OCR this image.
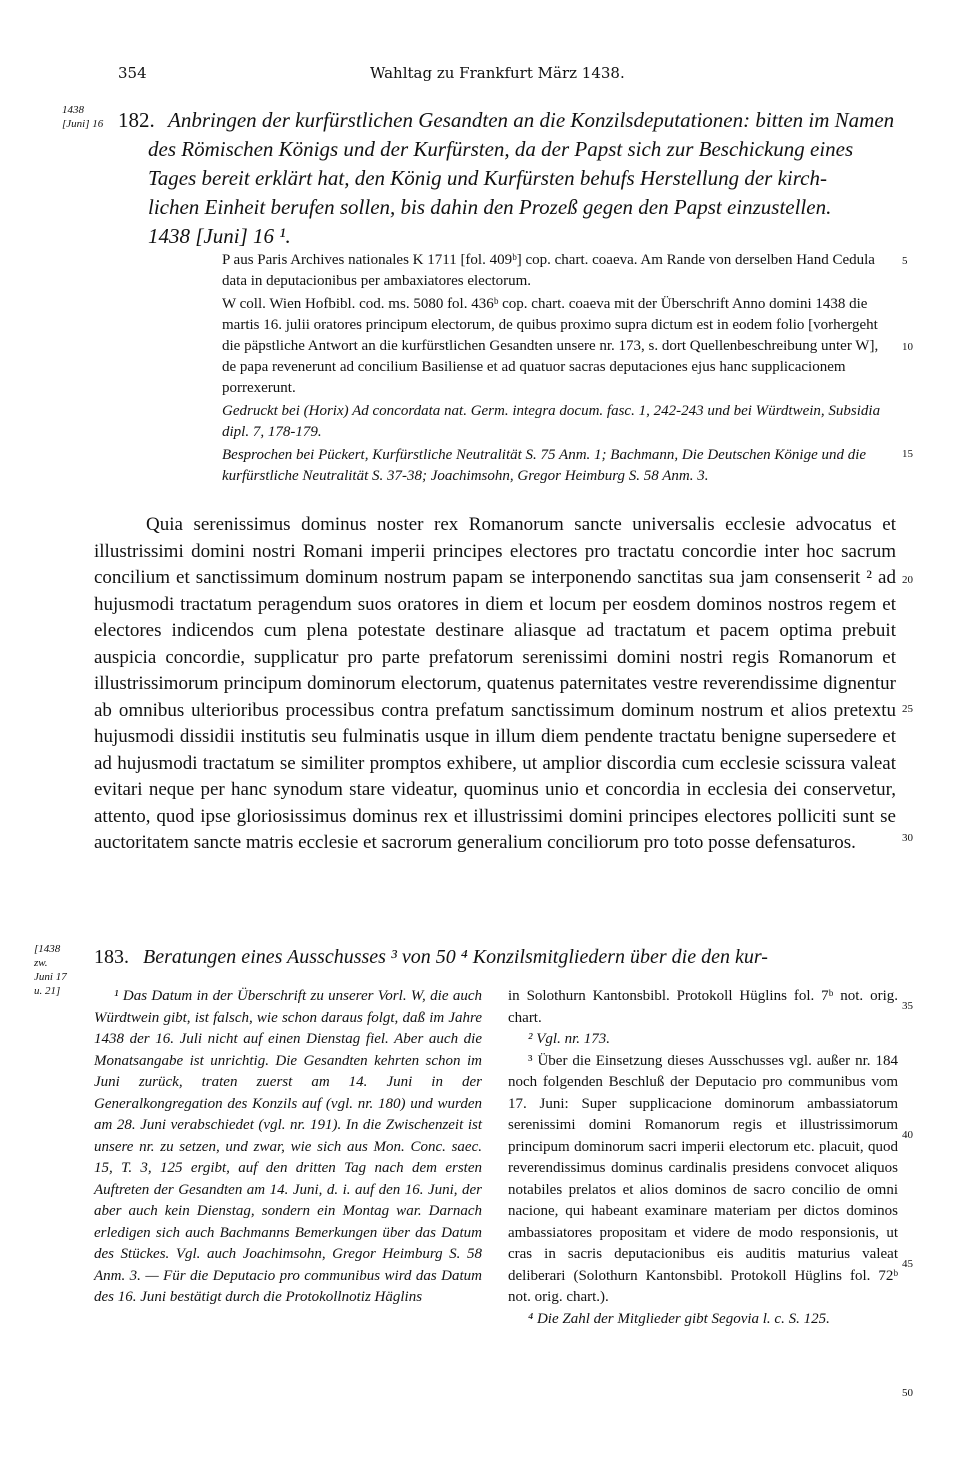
354	Wahltag zu Frankfurt März 1438.
1438
[Juni] 16 182. Anbringen der kurfürstlichen Gesandten an die Konzilsdeputationen: bitten im Namen
des Römischen Königs und der Kurfürsten, da der Papst sich zur Beschickung eines
Tages bereit erklärt hat, den König und Kurfürsten behufs Herstellung der kirch-
lichen Einheit berufen sollen, bis dahin den Prozeß gegen den Papst einzustellen.
1438 [Juni] 16 ¹.

P aus Paris Archives nationales K 1711 [fol. 409ᵇ] cop. chart. coaeva. Am Rande von derselben Hand Cedula data in deputacionibus per ambaxiatores electorum.

W coll. Wien Hofbibl. cod. ms. 5080 fol. 436ᵇ cop. chart. coaeva mit der Überschrift Anno domini 1438 die martis 16. julii oratores principum electorum, de quibus proximo supra dictum est in eodem folio [vorhergeht die päpstliche Antwort an die kurfürstlichen Gesandten unsere nr. 173, s. dort Quellenbeschreibung unter W], de papa revenerunt ad concilium Basiliense et ad quatuor sacras deputaciones ejus hanc supplicacionem porrexerunt.

Gedruckt bei (Horix) Ad concordata nat. Germ. integra docum. fasc. 1, 242-243 und bei Würdtwein, Subsidia dipl. 7, 178-179.

Besprochen bei Pückert, Kurfürstliche Neutralität S. 75 Anm. 1; Bachmann, Die Deutschen Könige und die kurfürstliche Neutralität S. 37-38; Joachimsohn, Gregor Heimburg S. 58 Anm. 3.

Quia serenissimus dominus noster rex Romanorum sancte universalis ecclesie advocatus et illustrissimi domini nostri Romani imperii principes electores pro tractatu concordie inter hoc sacrum concilium et sanctissimum dominum nostrum papam se interponendo sanctitas sua jam consenserit ² ad hujusmodi tractatum peragendum suos oratores in diem et locum per eosdem dominos nostros regem et electores indicendos cum plena potestate destinare aliasque ad tractatum et pacem optima prebuit auspicia concordie, supplicatur pro parte prefatorum serenissimi domini nostri regis Romanorum et illustrissimorum principum dominorum electorum, quatenus paternitates vestre reverendissime dignentur ab omnibus ulterioribus processibus contra prefatum sanctissimum dominum nostrum et alios pretextu hujusmodi dissidii institutis seu fulminatis usque in illum diem pendente tractatu benigne supersedere et ad hujusmodi tractatum se similiter promptos exhibere, ut amplior discordia cum ecclesie scissura valeat evitari neque per hanc synodum stare videatur, quominus unio et concordia in ecclesia dei conservetur, attento, quod ipse gloriosissimus dominus rex et illustrissimi domini principes electores polliciti sunt se auctoritatem sancte matris ecclesie et sacrorum generalium conciliorum pro toto posse defensaturos.

5
10
15
20
25
30
35
40
45
50
[1438
zw.
Juni 17
u. 21]
183. Beratungen eines Ausschusses ³ von 50 ⁴ Konzilsmitgliedern über die den kur-

¹ Das Datum in der Überschrift zu unserer Vorl. W, die auch Würdtwein gibt, ist falsch, wie schon daraus folgt, daß im Jahre 1438 der 16. Juli nicht auf einen Dienstag fiel. Aber auch die Monatsangabe ist unrichtig. Die Gesandten kehrten schon im Juni zurück, traten zuerst am 14. Juni in der Generalkongregation des Konzils auf (vgl. nr. 180) und wurden am 28. Juni verabschiedet (vgl. nr. 191). In die Zwischenzeit ist unsere nr. zu setzen, und zwar, wie sich aus Mon. Conc. saec. 15, T. 3, 125 ergibt, auf den dritten Tag nach dem ersten Auftreten der Gesandten am 14. Juni, d. i. auf den 16. Juni, der aber auch kein Dienstag, sondern ein Montag war. Darnach erledigen sich auch Bachmanns Bemerkungen über das Datum des Stückes. Vgl. auch Joachimsohn, Gregor Heimburg S. 58 Anm. 3. — Für die Deputacio pro communibus wird das Datum des 16. Juni bestätigt durch die Protokollnotiz Häglins

in Solothurn Kantonsbibl. Protokoll Hüglins fol. 7ᵇ not. orig. chart.

² Vgl. nr. 173.

³ Über die Einsetzung dieses Ausschusses vgl. außer nr. 184 noch folgenden Beschluß der Deputacio pro communibus vom 17. Juni: Super supplicacione dominorum ambassiatorum serenissimi domini Romanorum regis et illustrissimorum principum dominorum sacri imperii electorum etc. placuit, quod reverendissimus dominus cardinalis presidens convocet aliquos notabiles prelatos et alios dominos de sacro concilio de omni nacione, qui habeant examinare materiam per dictos dominos ambassiatores propositam et videre de modo responsionis, ut cras in sacris deputacionibus eis auditis maturius valeat deliberari (Solothurn Kantonsbibl. Protokoll Hüglins fol. 72ᵇ not. orig. chart.).

⁴ Die Zahl der Mitglieder gibt Segovia l. c. S. 125.
